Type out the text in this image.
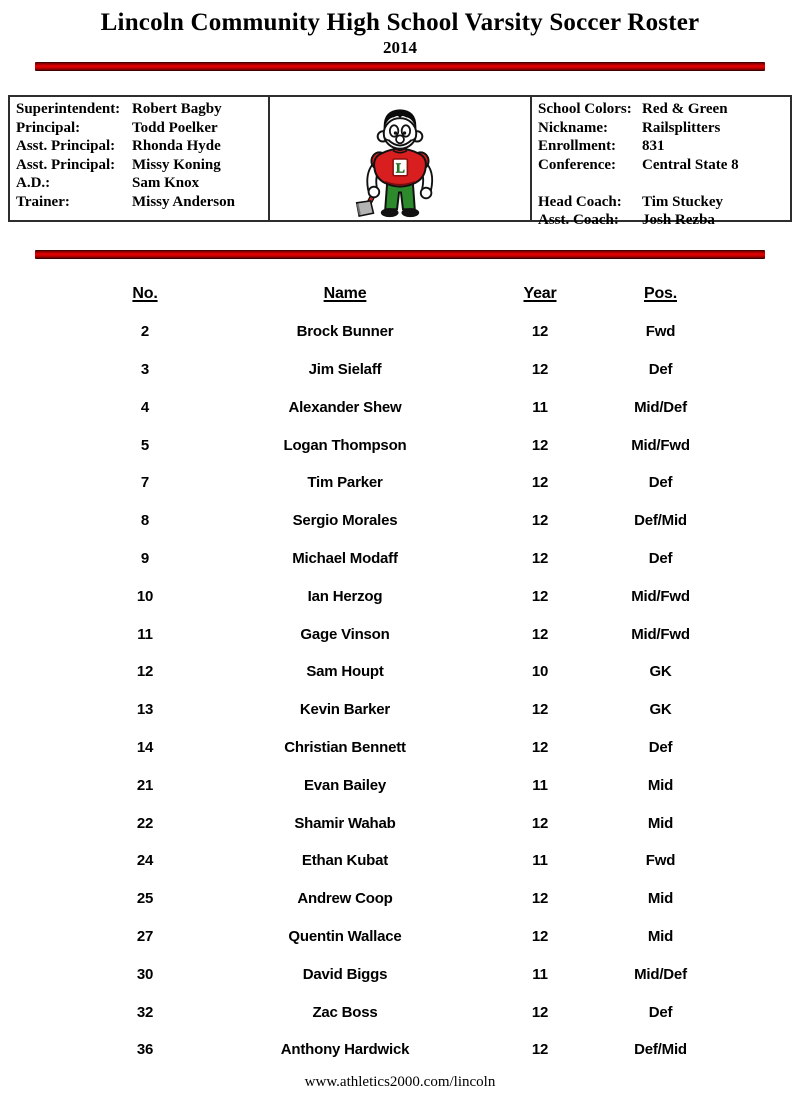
Lincoln Community High School Varsity Soccer Roster
2014
Superintendent: Robert Bagby
Principal:	Todd Poelker
Asst. Principal:	Rhonda Hyde
Asst. Principal:	Missy Koning
A.D.:	Sam Knox
Trainer:	Missy Anderson
L
School Colors: Red & Green
Nickname:	Railsplitters
Enrollment:	831
Conference:	Central State 8
Head Coach:	Tim Stuckey
Asst. Coach:	Josh Rezba
No.	Name	Year	Pos.
2	Brock Bunner	12	Fwd
3	Jim Sielaff	12	Def
4	Alexander Shew	11	Mid/Def
5	Logan Thompson	12	Mid/Fwd
7	Tim Parker	12	Def
8	Sergio Morales	12	Def/Mid
9	Michael Modaff	12	Def
10	Ian Herzog	12	Mid/Fwd
11	Gage Vinson	12	Mid/Fwd
12	Sam Houpt	10	GK
13	Kevin Barker	12	GK
14	Christian Bennett	12	Def
21	Evan Bailey	11	Mid
22	Shamir Wahab	12	Mid
24	Ethan Kubat	11	Fwd
25	Andrew Coop	12	Mid
27	Quentin Wallace	12	Mid
30	David Biggs	11	Mid/Def
32	Zac Boss	12	Def
36	Anthony Hardwick	12	Def/Mid
www.athletics2000.com/lincoln
